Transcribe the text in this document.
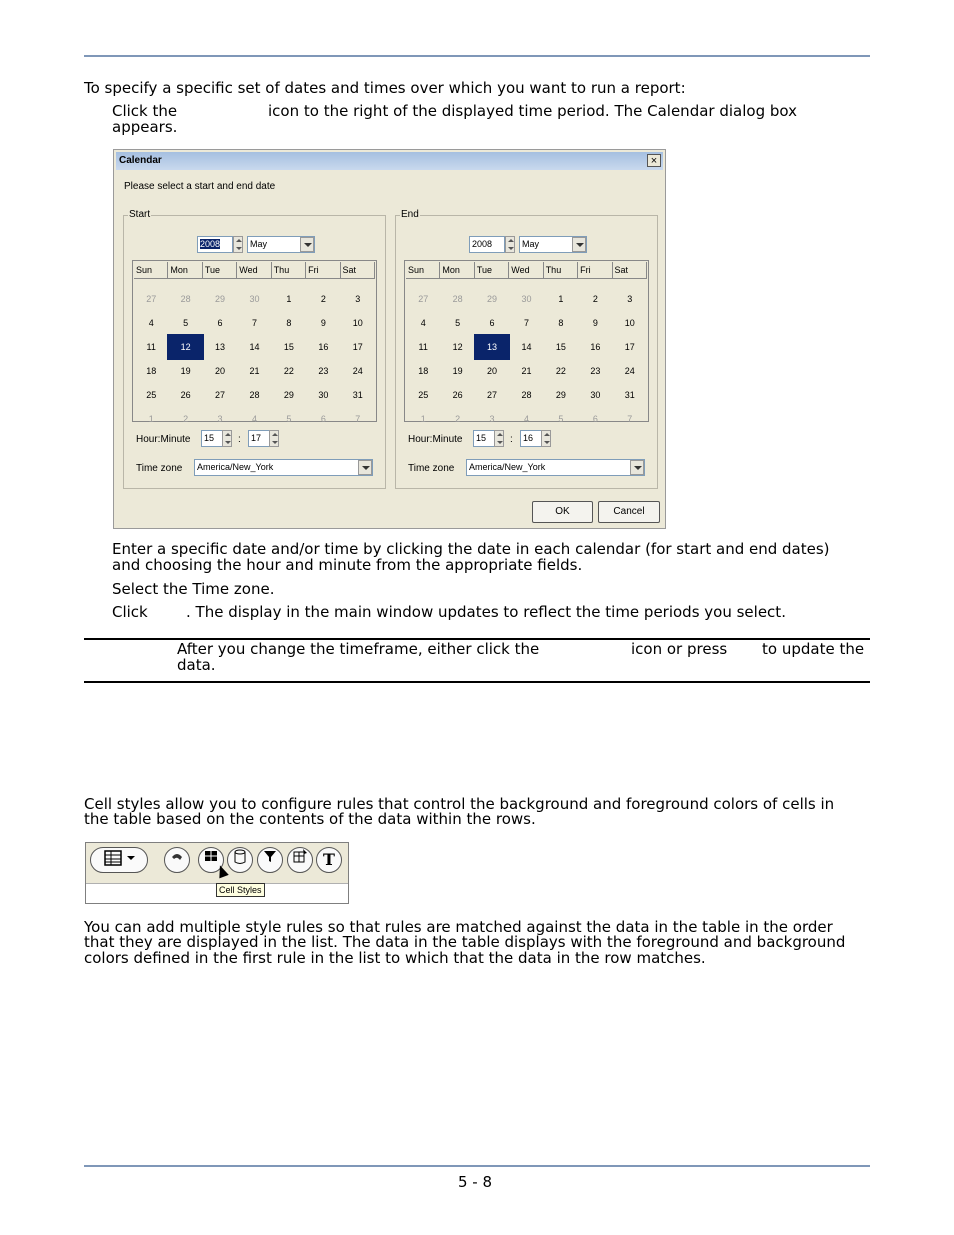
To specify a specific set of dates and times over which you want to run a report:
Click the	icon to the right of the displayed time period. The Calendar dialog box
appears.
Calendar	×
Please select a start and end date
Start
2008	May
Sun	Mon	Tue	Wed	Thu	Fri	Sat
27	28	29	30	1	2	3
4	5	6	7	8	9	10
11	12	13	14	15	16	17
18	19	20	21	22	23	24
25	26	27	28	29	30	31
1	2	3	4	5	6	7
Hour:Minute	15	:	17
Time zone	America/New_York
End
2008	May
Sun	Mon	Tue	Wed	Thu	Fri	Sat
27	28	29	30	1	2	3
4	5	6	7	8	9	10
11	12	13	14	15	16	17
18	19	20	21	22	23	24
25	26	27	28	29	30	31
1	2	3	4	5	6	7
Hour:Minute	15	:	16
Time zone	America/New_York
OK	Cancel
Enter a specific date and/or time by clicking the date in each calendar (for start and end dates)
and choosing the hour and minute from the appropriate fields.
Select the Time zone.
Click	. The display in the main window updates to reflect the time periods you select.
After you change the timeframe, either click the	icon or press to update the
data.
Cell styles allow you to configure rules that control the background and foreground colors of cells in
the table based on the contents of the data within the rows.
T
Cell Styles
You can add multiple style rules so that rules are matched against the data in the table in the order
that they are displayed in the list. The data in the table displays with the foreground and background
colors defined in the first rule in the list to which that the data in the row matches.
5 - 8
